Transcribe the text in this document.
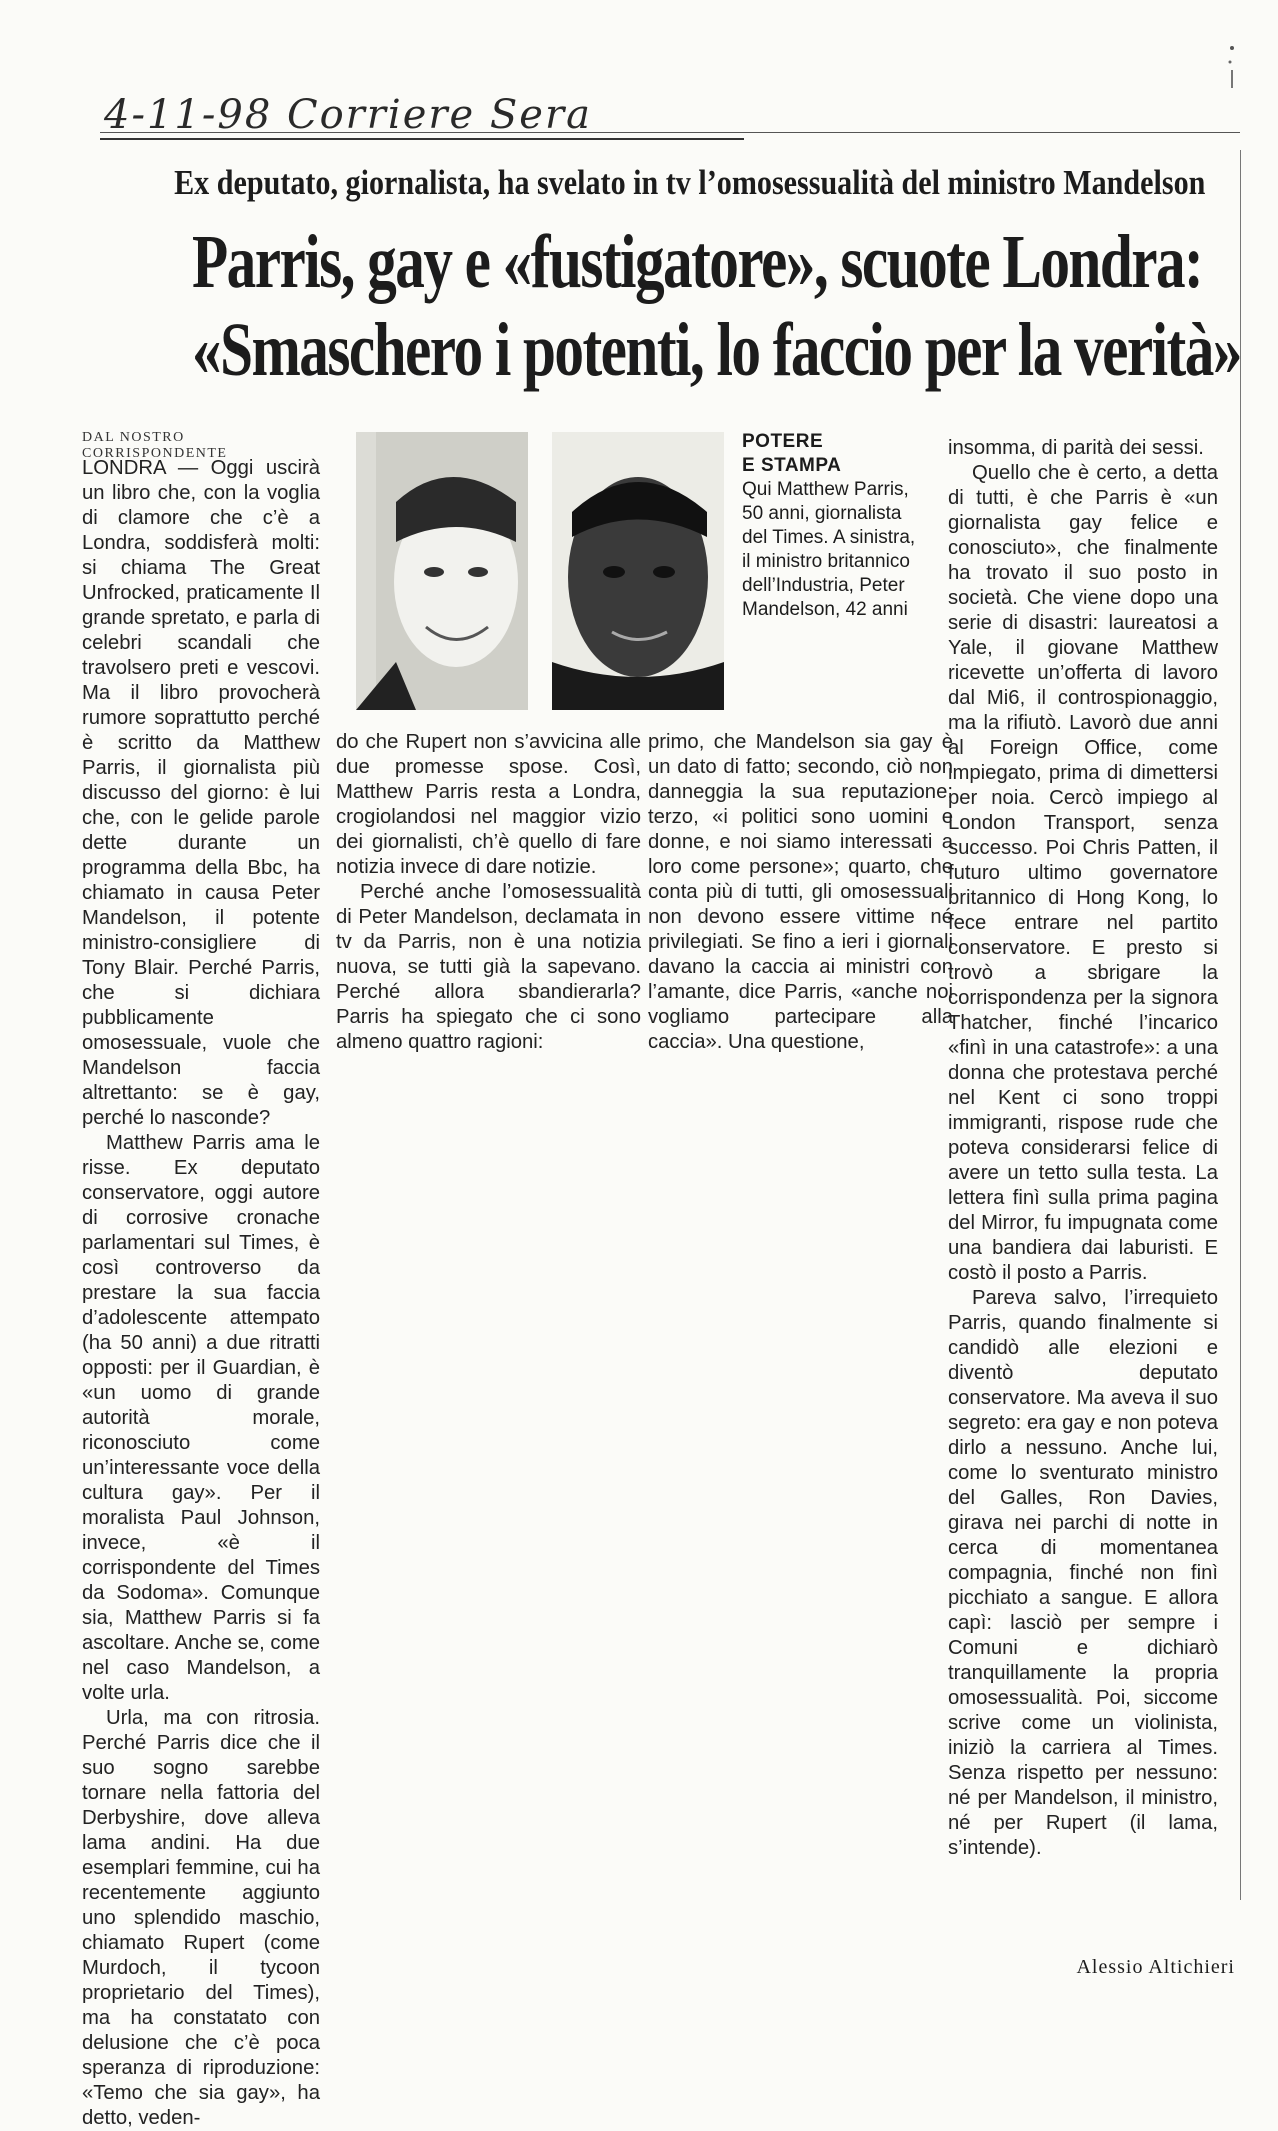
4-11-98 Corriere Sera
Ex deputato, giornalista, ha svelato in tv l’omosessualità del ministro Mandelson
Parris, gay e «fustigatore», scuote Londra:
«Smaschero i potenti, lo faccio per la verità»
DAL NOSTRO CORRISPONDENTE

LONDRA — Oggi uscirà un libro che, con la voglia di clamore che c’è a Londra, soddisferà molti: si chiama The Great Unfrocked, praticamente Il grande spretato, e parla di celebri scandali che travolsero preti e vescovi. Ma il libro provocherà rumore soprattutto perché è scritto da Matthew Parris, il giornalista più discusso del giorno: è lui che, con le gelide parole dette durante un programma della Bbc, ha chiamato in causa Peter Mandelson, il potente ministro-consigliere di Tony Blair. Perché Parris, che si dichiara pubblicamente omosessuale, vuole che Mandelson faccia altrettanto: se è gay, perché lo nasconde?

Matthew Parris ama le risse. Ex deputato conservatore, oggi autore di corrosive cronache parlamentari sul Times, è così controverso da prestare la sua faccia d’adolescente attempato (ha 50 anni) a due ritratti opposti: per il Guardian, è «un uomo di grande autorità morale, riconosciuto come un’interessante voce della cultura gay». Per il moralista Paul Johnson, invece, «è il corrispondente del Times da Sodoma». Comunque sia, Matthew Parris si fa ascoltare. Anche se, come nel caso Mandelson, a volte urla.

Urla, ma con ritrosia. Perché Parris dice che il suo sogno sarebbe tornare nella fattoria del Derbyshire, dove alleva lama andini. Ha due esemplari femmine, cui ha recentemente aggiunto uno splendido maschio, chiamato Rupert (come Murdoch, il tycoon proprietario del Times), ma ha constatato con delusione che c’è poca speranza di riproduzione: «Temo che sia gay», ha detto, veden-

POTERE
E STAMPA
Qui Matthew Parris, 50 anni, giornalista del Times. A sinistra, il ministro britannico dell’Industria, Peter Mandelson, 42 anni

do che Rupert non s’avvicina alle due promesse spose. Così, Matthew Parris resta a Londra, crogiolandosi nel maggior vizio dei giornalisti, ch’è quello di fare notizia invece di dare notizie.

Perché anche l’omosessualità di Peter Mandelson, declamata in tv da Parris, non è una notizia nuova, se tutti già la sapevano. Perché allora sbandierarla? Parris ha spiegato che ci sono almeno quattro ragioni:

primo, che Mandelson sia gay è un dato di fatto; secondo, ciò non danneggia la sua reputazione; terzo, «i politici sono uomini e donne, e noi siamo interessati a loro come persone»; quarto, che conta più di tutti, gli omosessuali non devono essere vittime né privilegiati. Se fino a ieri i giornali davano la caccia ai ministri con l’amante, dice Parris, «anche noi vogliamo partecipare alla caccia». Una questione,

insomma, di parità dei sessi.

Quello che è certo, a detta di tutti, è che Parris è «un giornalista gay felice e conosciuto», che finalmente ha trovato il suo posto in società. Che viene dopo una serie di disastri: laureatosi a Yale, il giovane Matthew ricevette un’offerta di lavoro dal Mi6, il controspionaggio, ma la rifiutò. Lavorò due anni al Foreign Office, come impiegato, prima di dimettersi per noia. Cercò impiego al London Transport, senza successo. Poi Chris Patten, il futuro ultimo governatore britannico di Hong Kong, lo fece entrare nel partito conservatore. E presto si trovò a sbrigare la corrispondenza per la signora Thatcher, finché l’incarico «finì in una catastrofe»: a una donna che protestava perché nel Kent ci sono troppi immigranti, rispose rude che poteva considerarsi felice di avere un tetto sulla testa. La lettera finì sulla prima pagina del Mirror, fu impugnata come una bandiera dai laburisti. E costò il posto a Parris.

Pareva salvo, l’irrequieto Parris, quando finalmente si candidò alle elezioni e diventò deputato conservatore. Ma aveva il suo segreto: era gay e non poteva dirlo a nessuno. Anche lui, come lo sventurato ministro del Galles, Ron Davies, girava nei parchi di notte in cerca di momentanea compagnia, finché non finì picchiato a sangue. E allora capì: lasciò per sempre i Comuni e dichiarò tranquillamente la propria omosessualità. Poi, siccome scrive come un violinista, iniziò la carriera al Times. Senza rispetto per nessuno: né per Mandelson, il ministro, né per Rupert (il lama, s’intende).

Alessio Altichieri
